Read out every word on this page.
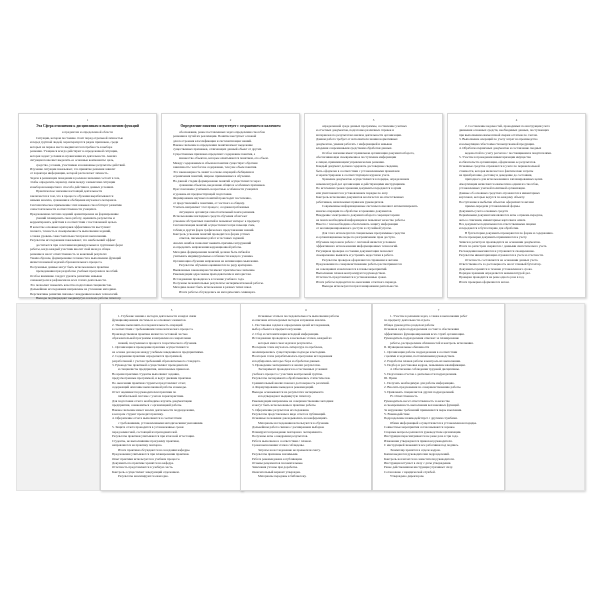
1
Эта Сфера отношения к дисциплинам и выполнению функций
к предметам и определенной области
Ситуация, которая постоянно стоит перед отдельной личностью
и перед группой людей, характеризуется рядом признаков, среди
которых на первое место выдвигается потребность в выборе
решения. Учащиеся всегда действуют в определенной ситуации,
которая задает условия и ограничения их деятельности. Анализ
ситуации позволяет выделить ее основные компоненты: цель,
средства, условия, участников и возможные результаты действий.
Изучение ситуации показывает, что принятие решения зависит
от характера информации, которой располагает личность.
Задача в решающем поведении в ролевом значении состоит в том,
чтобы определить характер связи между элементами ситуации
и выбором конкретного способа действия в данных условиях.
Практическое значение настоящей деятельности
заключается в том, что в процессе обучения вырабатываются
навыки анализа, сравнения и обобщения изучаемого материала.
Систематическое применение этих навыков способствует развитию
самостоятельности и ответственности учащихся.
Предложенная система заданий ориентирована на формирование
умений планировать свою работу, оценивать результаты и
корректировать действия в соответствии с поставленной целью.
В качестве основных критериев эффективности выступают
полнота, точность и своевременность выполнения заданий,
а также уровень самостоятельности при их выполнении.
Результаты исследования показывают, что наибольший эффект
достигается при сочетании индивидуальных и групповых форм
работы, когда каждый участник вносит свой вклад в общее
решение и несет ответственность за конечный результат.
Таким образом, формирование готовности к выполнению функций
является важной задачей образовательного процесса.
Полученные данные могут быть использованы в практике
преподавания при разработке учебных программ и пособий.
Особое внимание следует уделять развитию навыков
самоконтроля и рефлексии на всех этапах деятельности.
Это позволяет повысить качество подготовки специалистов.
Дальнейшие исследования направлены на уточнение методики.
Перспективы развития связаны с внедрением новых технологий.
Выводы подтверждают выдвинутую в начале работы гипотезу.
2
Определение понятия сопутствует с сохранением и наличием
обоснования, ранее поставленных задач определения способов
решения и путей их реализации. Понятие выступает основой
для построения классификации и систематизации знаний.
Важное значение в определении понятия имеет выделение
существенных признаков, отличающих данный объект от других.
Существенные признаки определяют содержание понятия, а
множество объектов, которые охватываются понятием, его объем.
Между содержанием и объемом понятия существует обратная
зависимость: чем богаче содержание, тем уже объем понятия.
Эта закономерность лежит в основе операций обобщения и
ограничения понятий, широко применяемых в обучении.
На данной стадии формирование понятий осуществляется через
сравнение объектов, выделение общих и особенных признаков.
При этом важно учитывать возрастные особенности учащихся
и уровень их предшествующей подготовки.
Формирование научных понятий происходит постепенно,
от представлений к понятиям, от частного к общему.
Учитель направляет этот процесс, создавая проблемные
ситуации и организуя самостоятельный поиск решения.
Использование наглядных средств обучения облегчает
усвоение абстрактных понятий и повышает интерес к предмету.
Систематизация понятий осуществляется при помощи схем,
таблиц и других форм графического представления знаний.
Контроль усвоения понятий проводится в форме устных
ответов, письменных работ и тестовых заданий.
Анализ ошибок позволяет выявить причины затруднений
и определить направления коррекционной работы.
Методика формирования понятий должна быть гибкой и
учитывать индивидуальные особенности каждого ученика.
Организация обучения направлена на активизацию мышления.
Результаты обучения оцениваются по ряду критериев.
Выявленные закономерности имеют практическое значение.
Рекомендации адресованы преподавателям и методистам.
Исследование проводилось в течение учебного года.
Получены положительные результаты экспериментальной работы.
Методика может быть использована в разных типах школ.
Итоги работы обсуждались на методических семинарах.
3
определенной среде данных программы, составление учетных
и отчетных документов, подготовка различных справок и
материалов по результатам анализа деятельности организации.
Данная работа требует от исполнителя знания нормативных
документов, умения работать с информацией и навыков
владения современными средствами обработки данных.
Особое значение имеет правильная организация документооборота,
обеспечивающая своевременное поступление информации
к лицам, принимающим управленческие решения.
Каждый документ должен содержать достоверные сведения,
быть оформлен в соответствии с установленными правилами
и зарегистрирован в соответствующем журнале учета.
Хранение документов осуществляется в порядке, определенном
номенклатурой дел организации и действующими инструкциями.
По истечении сроков хранения документы передаются в архив
или уничтожаются в установленном порядке по акту.
Контроль исполнения документов возлагается на ответственных
работников, назначаемых приказом руководителя.
Современные информационные системы позволяют автоматизировать
многие операции по обработке и хранению документов.
Внедрение электронного документооборота сокращает время
на поиск необходимой информации и повышает качество работы.
Вместе с тем необходимо обеспечивать защиту информации
от несанкционированного доступа и случайной утраты.
Для этого используются специальные программные средства
и организационные меры по разграничению прав доступа.
Обучение персонала работе с системой является условием
эффективного использования информационных технологий.
Регулярная проверка состояния документации позволяет
своевременно выявлять и устранять недостатки в работе.
Результаты проверок оформляются справками и актами.
Предложения по совершенствованию работы рассматриваются
на совещаниях и включаются в планы мероприятий.
Выполнение планов контролируется руководством.
Отчетность представляется в установленные сроки.
Итоги работы подводятся по окончании отчетного периода.
Выводы используются при планировании деятельности.
4
2. Составление ведомостей, проводимых по инструкции учета
движения основных средств, необходимых данных, поступающих
при выполнении ежемесячной сверки остатков по счетам.
3. Выполнение операций по учету затрат на производство
и калькуляции себестоимости выпускаемой продукции.
4. Обработка первичных документов и составление сводных
ведомостей по учету расчетов с поставщиками и покупателями.
5. Участие в проведении инвентаризации имущества
и обязательств организации, оформление ее результатов.
Основные средства отражаются в учете по первоначальной
стоимости, которая включает все фактические затраты
на приобретение, доставку и доведение до состояния,
пригодного для использования в запланированных целях.
Амортизация начисляется ежемесячно одним из способов,
установленных учетной политикой организации.
Данные об основных средствах отражаются в инвентарных
карточках, которые ведутся по каждому объекту.
Поступление и выбытие объектов оформляется актами
приема-передачи установленной формы.
Документы учета основных средств
Первичными документами являются акты о приеме-передаче,
акты о списании, инвентарные карточки и описи.
Все документы подписываются ответственными лицами
и передаются в бухгалтерию для обработки.
В бухгалтерии документы проверяются по форме и содержанию.
После проверки документы принимаются к учету.
Записи в регистрах производятся на основании документов.
Итоги по регистрам сверяются с данными синтетического учета.
Расхождения выясняются и устраняются своевременно.
Результаты инвентаризации отражаются в учете и отчетности.
Отчетность составляется на основании данных учета.
Ответственность за достоверность несет главный бухгалтер.
Документы хранятся в течение установленного срока.
Порядок хранения определяется номенклатурой дел.
Проверка проводится не реже одного раза в год.
Итоги проверки оформляются актом.
5
1. Глубокие знания о методах деятельности и видах связи
функционирования системы и ее основных элементов.
2. Умение выполнять последовательность операций
в соответствии с требованиями технологического процесса.
Производственная практика является составной частью
образовательной программы и направлена на закрепление
знаний, полученных в процессе теоретического обучения.
1. Организация и проведение практики осуществляются
на основе договоров между учебным заведением и предприятиями.
2. Содержание практики определяется программой,
разработанной с учетом требований образовательного стандарта.
3. Руководство практикой осуществляют преподаватели
и специалисты предприятия, назначаемые приказом.
Во время практики студенты выполняют задания,
предусмотренные программой, и ведут дневник практики.
По окончании практики студенты представляют отчет,
содержащий описание выполненной работы и выводы.
Отчет оценивается руководителем практики по
пятибалльной системе с учетом характеристики.
Для подготовки отчета необходимо изучить документацию
предприятия, ознакомиться с организацией работы.
Важное значение имеет анализ деятельности подразделения,
в котором студент проходит практику.
4. Оформление отчета выполняется в соответствии
с требованиями, установленными методическими указаниями.
5. Защита отчета проводится в установленные сроки
перед комиссией, состоящей из преподавателей.
Результаты практики учитываются при итоговой аттестации.
Студенты, не выполнившие программу практики,
направляются на практику повторно.
Итоги практики обсуждаются на заседании кафедры.
Предложения учитываются при планировании практики.
Опыт практики используется в учебном процессе.
Документы по практике хранятся на кафедре.
Отчетность представляется в учебную часть.
Контроль осуществляет заведующий отделением.
Результаты анализируются ежегодно.
6
Основные этапы и последовательность выполнения работы
и описание используемых методов и приемов анализа.
1. Постановка задачи и определение целей исследования,
выбор объекта и предмета изучения.
2. Сбор и систематизация исходной информации.
Исследование проводилось в несколько этапов, каждый из
которых имел свои задачи и результаты.
На первом этапе изучалась литература по проблеме,
анализировались существующие подходы и методики.
На втором этапе разрабатывалась программа исследования
и подбирались методы сбора и обработки данных.
3. Проведение эксперимента и анализ результатов.
Эксперимент проводился в естественных условиях
учебного процесса с участием контрольной группы.
Результаты эксперимента обрабатывались статистически.
Сравнительный анализ показал достоверность различий.
4. Формулирование выводов и рекомендаций.
Выводы основываются на результатах эксперимента
и подтверждают выдвинутую гипотезу.
Рекомендации направлены на совершенствование методики
и могут быть использованы в практике работы.
5. Оформление результатов исследования.
Результаты представлены в виде отчета и публикаций.
Основные положения докладывались на конференциях.
Материалы исследования используются в обучении.
Дальнейшая работа связана с расширением выборки.
Планируется проведение повторного эксперимента.
Получены акты о внедрении результатов.
Работа выполнена в соответствии с планом.
Сроки выполнения этапов соблюдены.
Затраты на исследование не превысили смету.
Результаты признаны значимыми.
Работа рекомендована к публикации.
Отзывы рецензентов положительные.
Замечания учтены при доработке.
Окончательный вариант утвержден.
Материалы переданы в библиотеку.
7
1. Участие в решении задач, а также в выполнении работ
по предмету деятельности отдела.
Общее руководство разделом работы
Основная задача подразделения состоит в обеспечении
эффективного функционирования всех служб организации.
Руководитель подразделения отвечает за планирование
работы, распределение обязанностей и контроль исполнения.
II. Функциональные обязанности
1. Организация работы подразделения в соответствии
с целями и задачами, поставленными руководством.
2. Разработка планов работы и контроль их выполнения.
3. Подбор и расстановка кадров, повышение квалификации.
4. Обеспечение соблюдения трудовой дисциплины.
5. Подготовка отчетов о деятельности подразделения.
III. Права
1. Получать необходимую для работы информацию.
2. Вносить предложения по совершенствованию работы.
3. Привлекать специалистов других подразделений.
IV. Ответственность
Руководитель несет ответственность за качество
и своевременность выполнения возложенных функций.
За нарушение требований применяются меры взыскания.
V. Взаимодействие
Подразделение взаимодействует с другими службами.
Обмен информацией осуществляется в установленном порядке.
Совместные мероприятия согласовываются заранее.
Спорные вопросы решаются руководством организации.
Инструкция пересматривается не реже раза в три года.
Изменения утверждаются приказом руководителя.
С инструкцией знакомятся все работники под подпись.
Экземпляр хранится в отделе кадров.
Копии выдаются руководителям подразделений.
Контроль возлагается на заместителя руководителя.
Инструкция вступает в силу с даты утверждения.
Ранее действовавшая инструкция утрачивает силу.
Согласовано с юридической службой.
Утверждено директором.
